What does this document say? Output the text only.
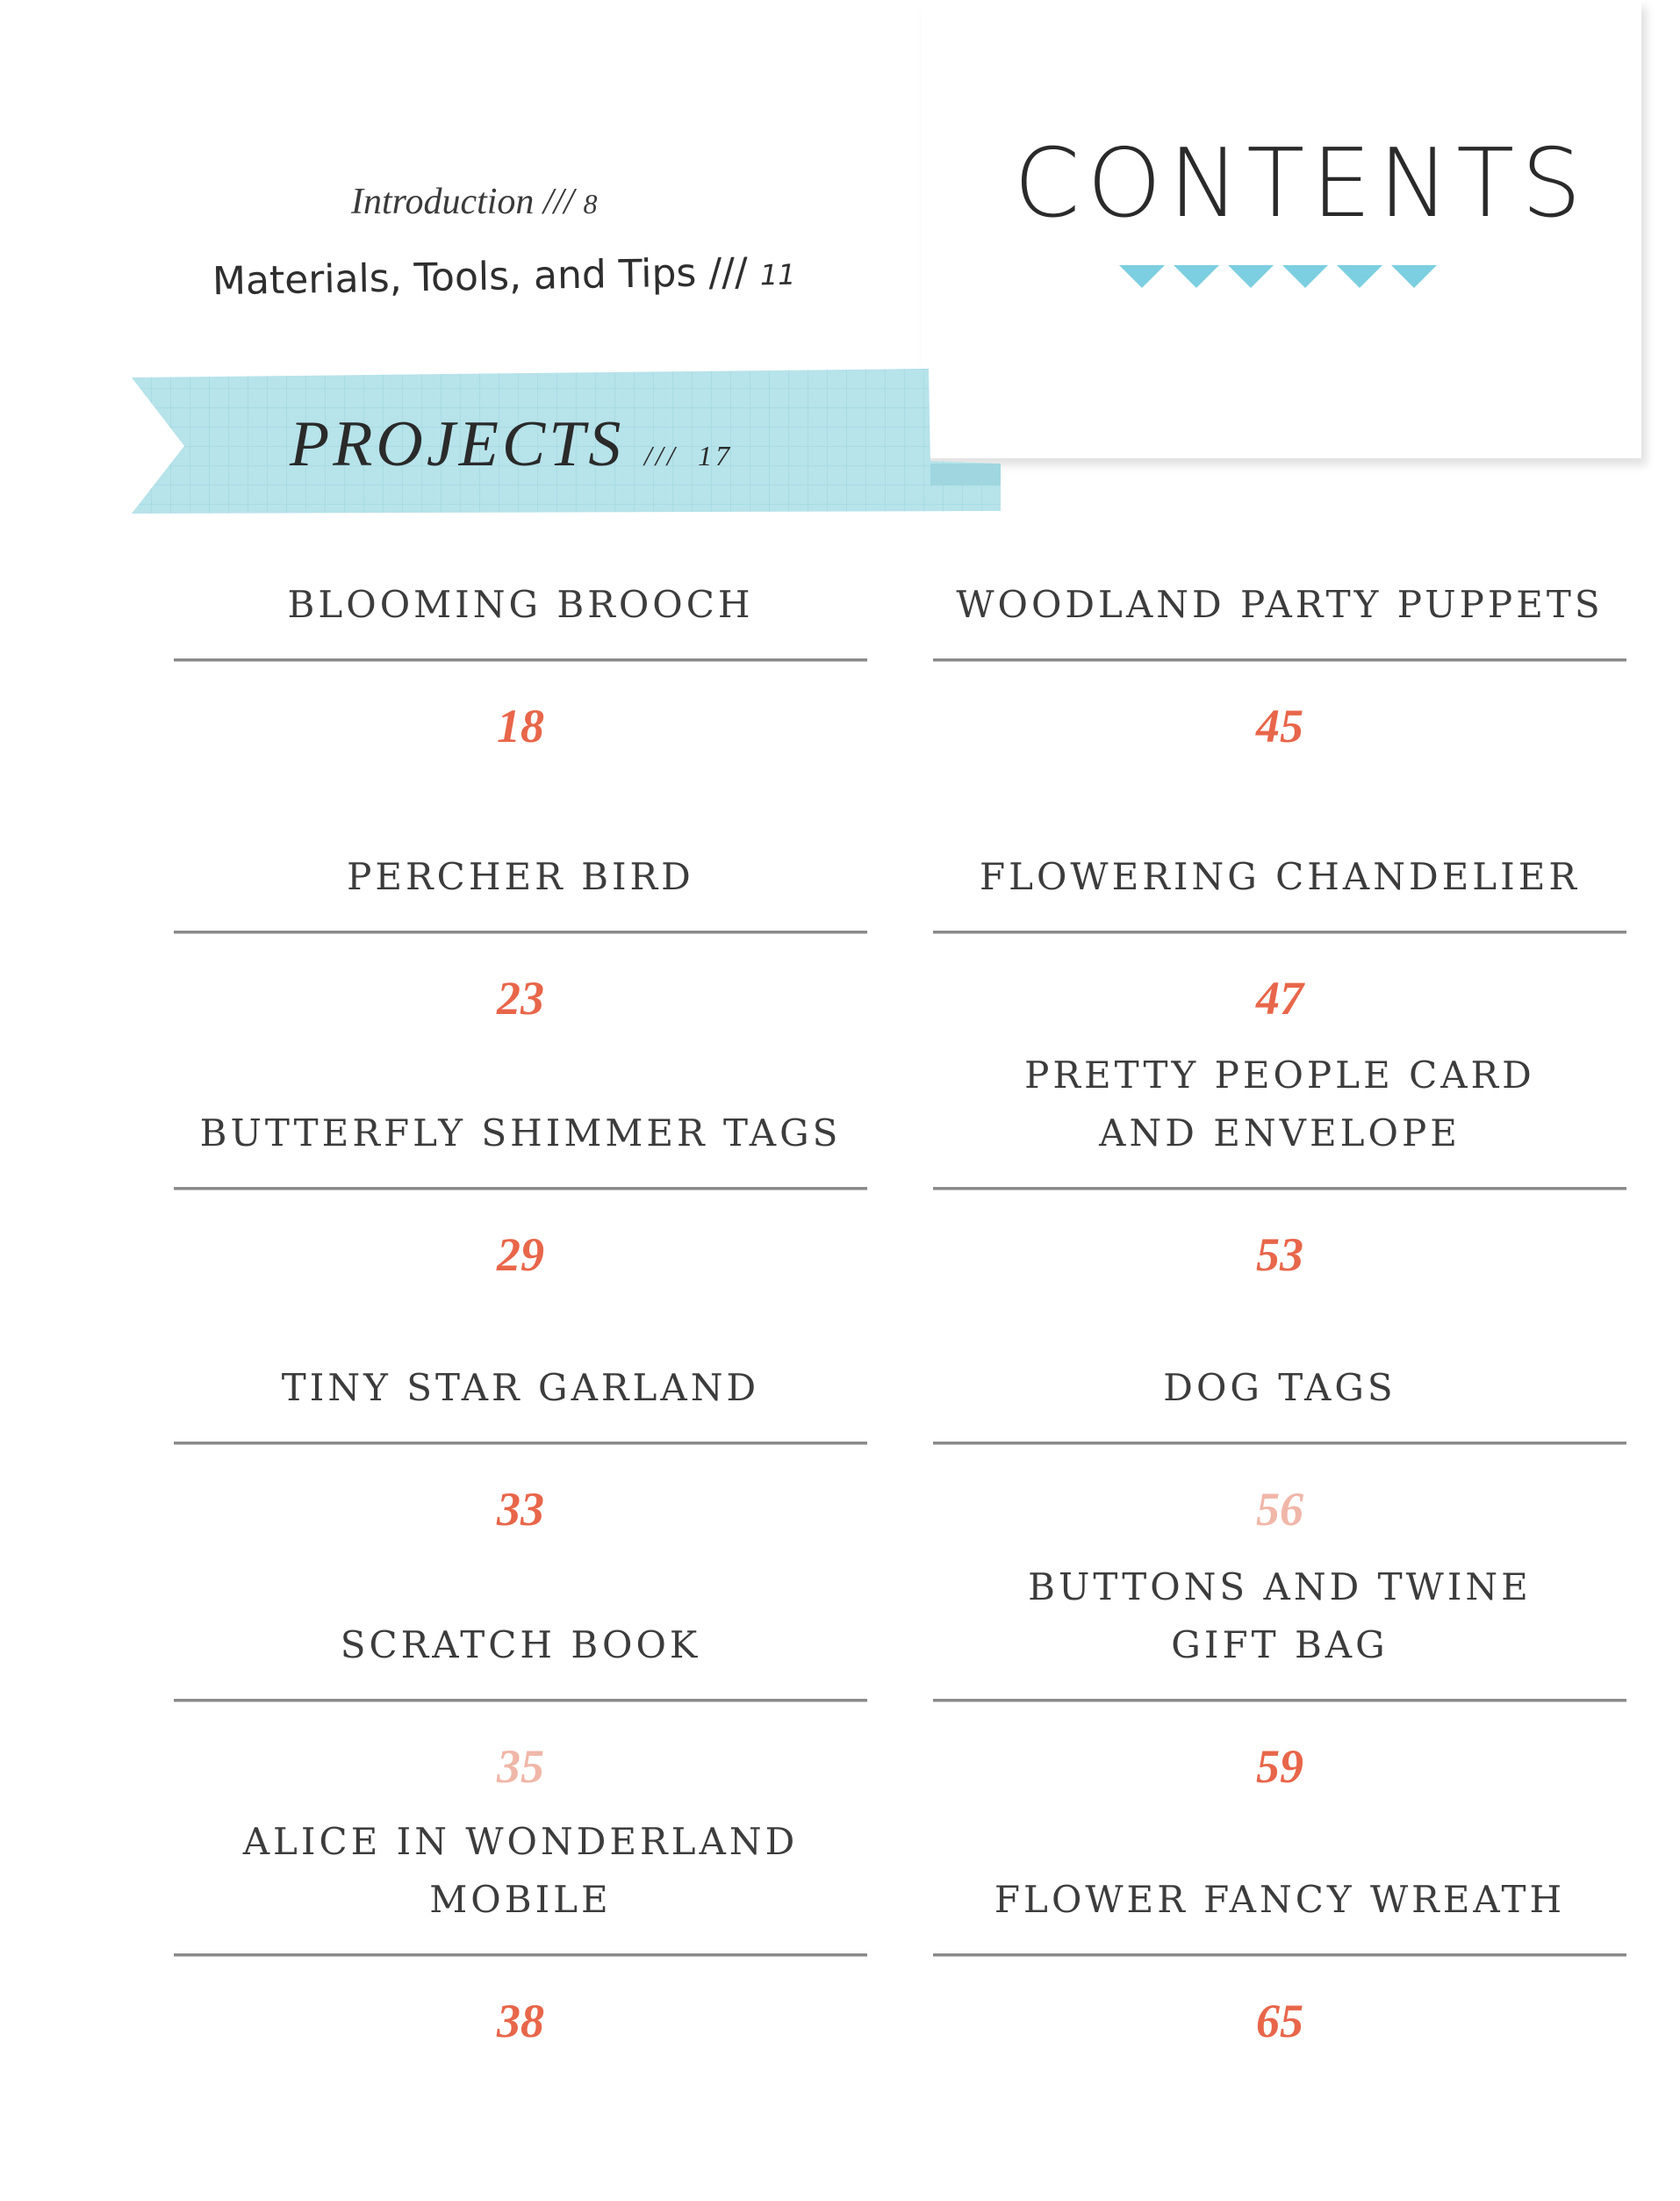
CONTENTS
Introduction /// 8
Materials, Tools, and Tips /// 11
PROJECTS /// 17
BLOOMING BROOCH
18
PERCHER BIRD
23
BUTTERFLY SHIMMER TAGS
29
TINY STAR GARLAND
33
SCRATCH BOOK
35
ALICE IN WONDERLAND
MOBILE
38
WOODLAND PARTY PUPPETS
45
FLOWERING CHANDELIER
47
PRETTY PEOPLE CARD
AND ENVELOPE
53
DOG TAGS
56
BUTTONS AND TWINE
GIFT BAG
59
FLOWER FANCY WREATH
65
